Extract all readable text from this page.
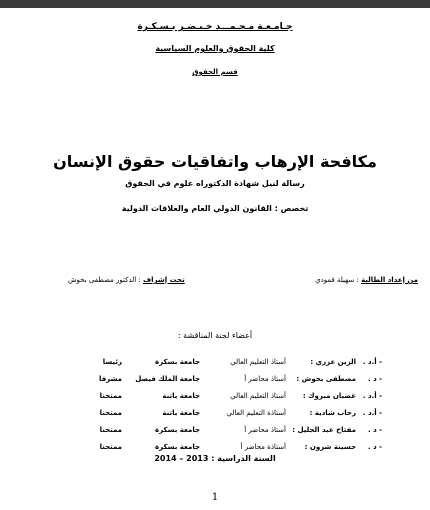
جـامـعـة مـحـمـــد خـيـضـر بـسـكـرة
كلية الحقوق والعلوم السياسية
قسم الحقوق
مكافحة الإرهاب واتفاقيات حقوق الإنسان
رسالة لنيل شهادة الدكتوراه علوم في الحقوق
تخصص : القانون الدولي العام والعلاقات الدولية
من إعداد الطالبة : سهيلة قمودي
تحت إشراف : الدكتور مصطفى بخوش
أعضاء لجنة المناقشة :
- أ.د .	الزين عزري :	أستاذ التعليم العالي	جامعة بسكرة	رئيسا
- د .	مصطفى بخوش :	أستاذ محاضر أ	جامعة الملك فيصل	مشرفا
- أ.د .	غضبان مبروك :	أستاذ التعليم العالي	جامعة باتنة	ممتحنا
- أ.د .	رحاب شادية :	أستاذة التعليم العالي	جامعة باتنة	ممتحنا
- د .	مفتاح عبد الجليل :	أستاذ محاضر أ	جامعة بسكرة	ممتحنا
- د .	حسينة شرون :	أستاذة محاضر أ	جامعة بسكرة	ممتحنا
السنة الدراسية : 2013 – 2014
1
